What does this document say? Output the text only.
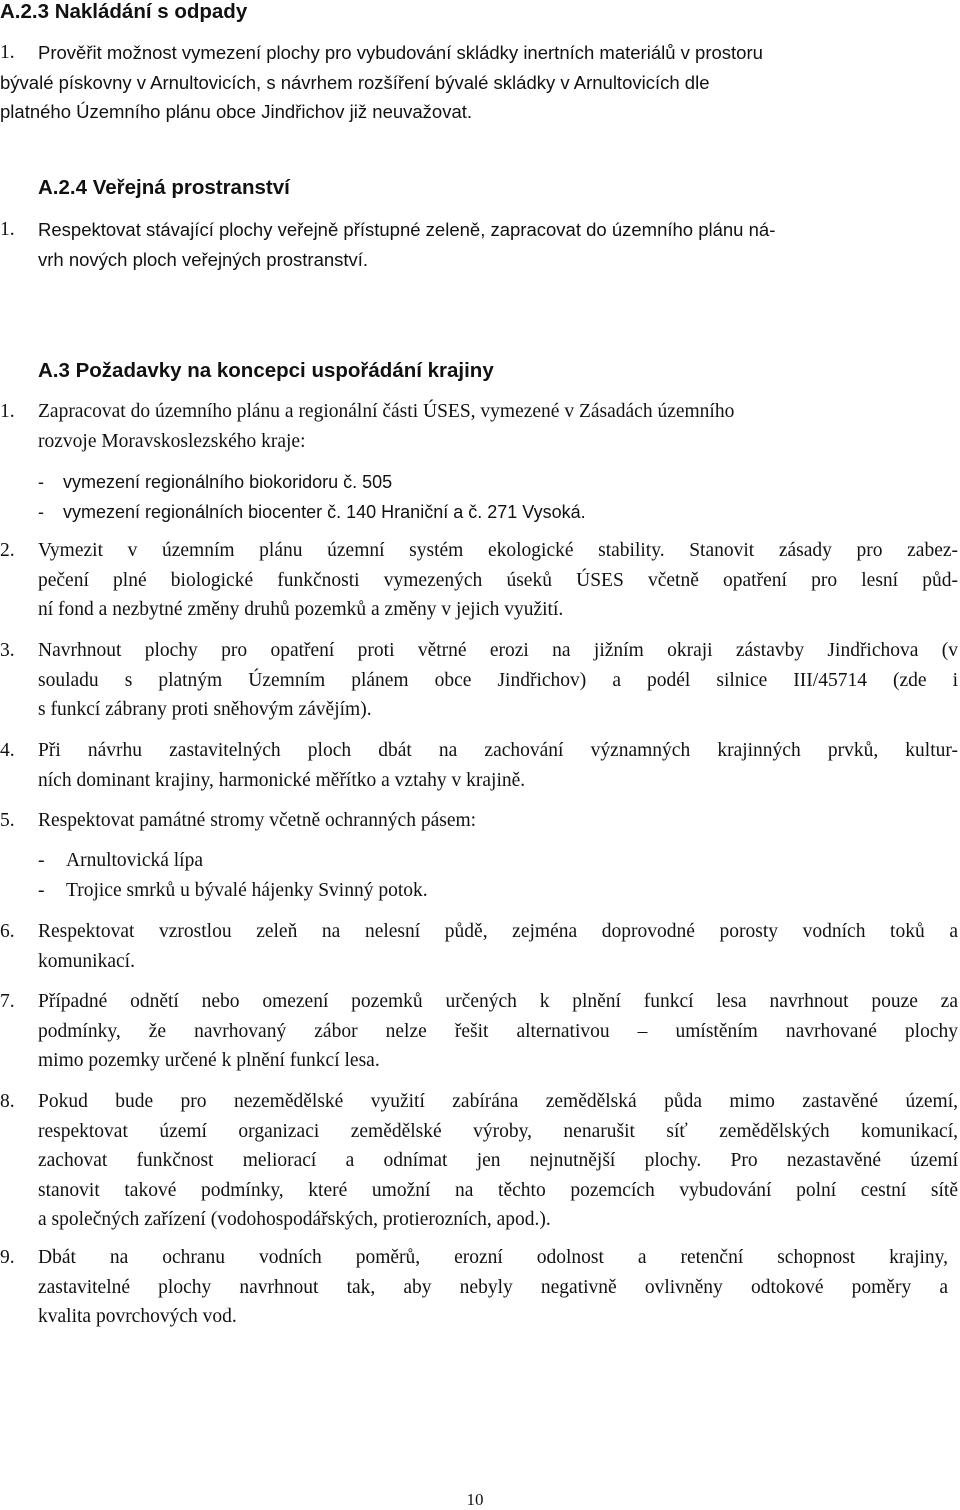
A.2.3 Nakládání s odpady
1. Prověřit možnost vymezení plochy pro vybudování skládky inertních materiálů v prostoru
bývalé pískovny v Arnultovicích, s návrhem rozšíření bývalé skládky v Arnultovicích dle
platného Územního plánu obce Jindřichov již neuvažovat.
A.2.4 Veřejná prostranství
1. Respektovat stávající plochy veřejně přístupné zeleně, zapracovat do územního plánu ná-
vrh nových ploch veřejných prostranství.
A.3 Požadavky na koncepci uspořádání krajiny
1. Zapracovat do územního plánu a regionální části ÚSES, vymezené v Zásadách územního
rozvoje Moravskoslezského kraje:
- vymezení regionálního biokoridoru č. 505
- vymezení regionálních biocenter č. 140 Hraniční a č. 271 Vysoká.
2. Vymezit v územním plánu územní systém ekologické stability. Stanovit zásady pro zabez-
pečení plné biologické funkčnosti vymezených úseků ÚSES včetně opatření pro lesní půd-
ní fond a nezbytné změny druhů pozemků a změny v jejich využití.
3. Navrhnout plochy pro opatření proti větrné erozi na jižním okraji zástavby Jindřichova (v
souladu s platným Územním plánem obce Jindřichov) a podél silnice III/45714 (zde i
s funkcí zábrany proti sněhovým závějím).
4. Při návrhu zastavitelných ploch dbát na zachování významných krajinných prvků, kultur-
ních dominant krajiny, harmonické měřítko a vztahy v krajině.
5. Respektovat památné stromy včetně ochranných pásem:
- Arnultovická lípa
- Trojice smrků u bývalé hájenky Svinný potok.
6. Respektovat vzrostlou zeleň na nelesní půdě, zejména doprovodné porosty vodních toků a
komunikací.
7. Případné odnětí nebo omezení pozemků určených k plnění funkcí lesa navrhnout pouze za
podmínky, že navrhovaný zábor nelze řešit alternativou – umístěním navrhované plochy
mimo pozemky určené k plnění funkcí lesa.
8. Pokud bude pro nezemědělské využití zabírána zemědělská půda mimo zastavěné území,
respektovat území organizaci zemědělské výroby, nenarušit síť zemědělských komunikací,
zachovat funkčnost meliorací a odnímat jen nejnutnější plochy. Pro nezastavěné území
stanovit takové podmínky, které umožní na těchto pozemcích vybudování polní cestní sítě
a společných zařízení (vodohospodářských, protierozních, apod.).
9. Dbát na ochranu vodních poměrů, erozní odolnost a retenční schopnost krajiny,
zastavitelné plochy navrhnout tak, aby nebyly negativně ovlivněny odtokové poměry a
kvalita povrchových vod.
10
